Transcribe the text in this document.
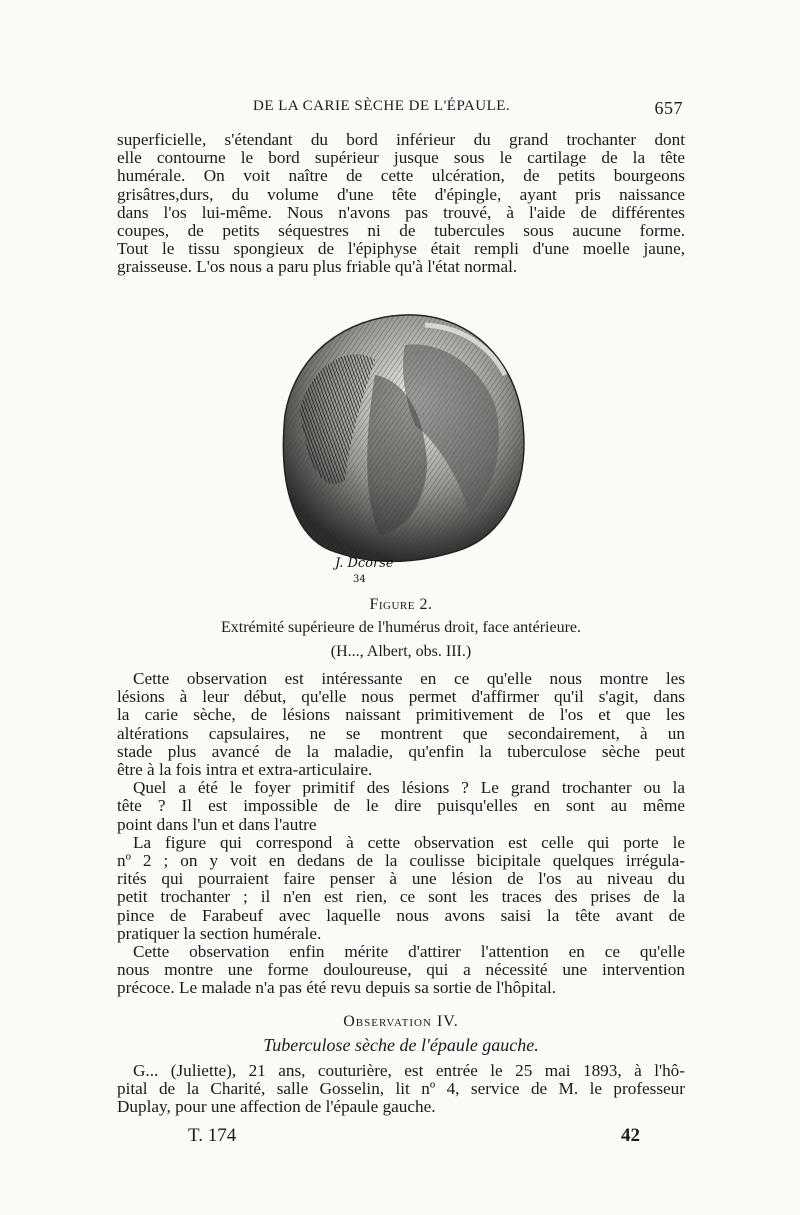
DE LA CARIE SÈCHE DE L'ÉPAULE.	657
superficielle, s'étendant du bord inférieur du grand trochanter dont
elle contourne le bord supérieur jusque sous le cartilage de la tête
humérale. On voit naître de cette ulcération, de petits bourgeons
grisâtres,durs, du volume d'une tête d'épingle, ayant pris naissance
dans l'os lui-même. Nous n'avons pas trouvé, à l'aide de différentes
coupes, de petits séquestres ni de tubercules sous aucune forme.
Tout le tissu spongieux de l'épiphyse était rempli d'une moelle jaune,
graisseuse. L'os nous a paru plus friable qu'à l'état normal.
J. Dcorse
34
Figure 2.
Extrémité supérieure de l'humérus droit, face antérieure.
(H..., Albert, obs. III.)
Cette observation est intéressante en ce qu'elle nous montre les
lésions à leur début, qu'elle nous permet d'affirmer qu'il s'agit, dans
la carie sèche, de lésions naissant primitivement de l'os et que les
altérations capsulaires, ne se montrent que secondairement, à un
stade plus avancé de la maladie, qu'enfin la tuberculose sèche peut
être à la fois intra et extra-articulaire.
Quel a été le foyer primitif des lésions ? Le grand trochanter ou la
tête ? Il est impossible de le dire puisqu'elles en sont au même
point dans l'un et dans l'autre
La figure qui correspond à cette observation est celle qui porte le
nº 2 ; on y voit en dedans de la coulisse bicipitale quelques irrégula-
rités qui pourraient faire penser à une lésion de l'os au niveau du
petit trochanter ; il n'en est rien, ce sont les traces des prises de la
pince de Farabeuf avec laquelle nous avons saisi la tête avant de
pratiquer la section humérale.
Cette observation enfin mérite d'attirer l'attention en ce qu'elle
nous montre une forme douloureuse, qui a nécessité une intervention
précoce. Le malade n'a pas été revu depuis sa sortie de l'hôpital.
Observation IV.
Tuberculose sèche de l'épaule gauche.
G... (Juliette), 21 ans, couturière, est entrée le 25 mai 1893, à l'hô-
pital de la Charité, salle Gosselin, lit nº 4, service de M. le professeur
Duplay, pour une affection de l'épaule gauche.
T. 174	42
